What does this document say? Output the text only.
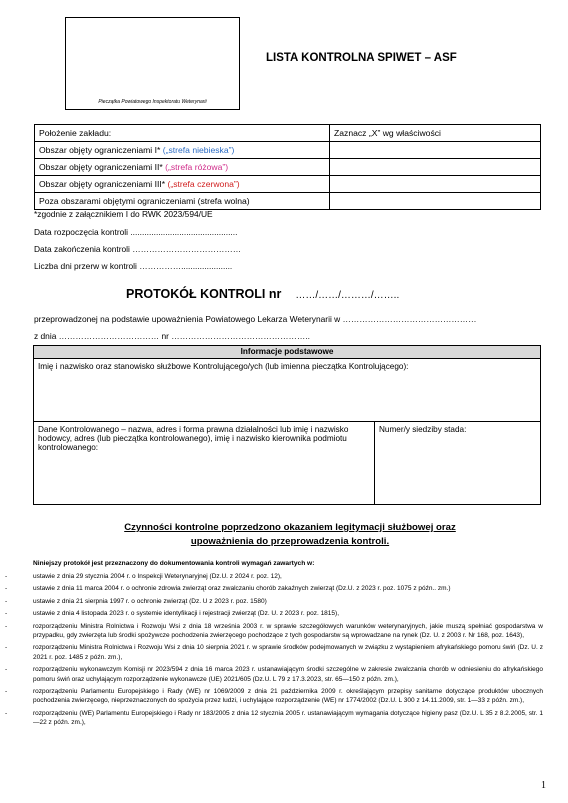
Pieczątka Powiatowego Inspektoratu Weterynarii
LISTA KONTROLNA SPIWET – ASF
Położenie zakładu:	Zaznacz „X” wg właściwości
Obszar objęty ograniczeniami I* („strefa niebieska”)	
Obszar objęty ograniczeniami II* („strefa różowa”)	
Obszar objęty ograniczeniami III* („strefa czerwona”)	
Poza obszarami objętymi ograniczeniami (strefa wolna)	
*zgodnie z załącznikiem I do RWK 2023/594/UE
Data rozpoczęcia kontroli ..............................................
Data zakończenia kontroli …………………………………
Liczba dni przerw w kontroli ……………......................
PROTOKÓŁ KONTROLI nr ……/……/………/……..
przeprowadzonej na podstawie upoważnienia Powiatowego Lekarza Weterynarii w …………………………………………
z dnia ……………………………… nr …………………………………………..
Informacje podstawowe
Imię i nazwisko oraz stanowisko służbowe Kontrolującego/ych (lub imienna pieczątka Kontrolującego):
Dane Kontrolowanego – nazwa, adres i forma prawna działalności lub imię i nazwisko hodowcy, adres (lub pieczątka kontrolowanego), imię i nazwisko kierownika podmiotu kontrolowanego:	Numer/y siedziby stada:
Czynności kontrolne poprzedzono okazaniem legitymacji służbowej oraz upoważnienia do przeprowadzenia kontroli.
Niniejszy protokół jest przeznaczony do dokumentowania kontroli wymagań zawartych w:
- ustawie z dnia 29 stycznia 2004 r. o Inspekcji Weterynaryjnej (Dz.U. z 2024 r. poz. 12),
- ustawie z dnia 11 marca 2004 r. o ochronie zdrowia zwierząt oraz zwalczaniu chorób zakaźnych zwierząt (Dz.U. z 2023 r. poz. 1075 z późn.. zm.)
- ustawie z dnia 21 sierpnia 1997 r. o ochronie zwierząt (Dz. U z 2023 r. poz. 1580)
- ustawie z dnia 4 listopada 2023 r. o systemie identyfikacji i rejestracji zwierząt (Dz. U. z 2023 r. poz. 1815),
- rozporządzeniu Ministra Rolnictwa i Rozwoju Wsi z dnia 18 września 2003 r. w sprawie szczegółowych warunków weterynaryjnych, jakie muszą spełniać gospodarstwa w przypadku, gdy zwierzęta lub środki spożywcze pochodzenia zwierzęcego pochodzące z tych gospodarstw są wprowadzane na rynek (Dz. U. z 2003 r. Nr 168, poz. 1643),
- rozporządzeniu Ministra Rolnictwa i Rozwoju Wsi z dnia 10 sierpnia 2021 r. w sprawie środków podejmowanych w związku z wystąpieniem afrykańskiego pomoru świń (Dz. U. z 2021 r. poz. 1485 z późn. zm.),
- rozporządzeniu wykonawczym Komisji nr 2023/594 z dnia 16 marca 2023 r. ustanawiającym środki szczególne w zakresie zwalczania chorób w odniesieniu do afrykańskiego pomoru świń oraz uchylającym rozporządzenie wykonawcze (UE) 2021/605 (Dz.U. L 79 z 17.3.2023, str. 65—150 z późn. zm.),
- rozporządzeniu Parlamentu Europejskiego i Rady (WE) nr 1069/2009 z dnia 21 października 2009 r. określającym przepisy sanitarne dotyczące produktów ubocznych pochodzenia zwierzęcego, nieprzeznaczonych do spożycia przez ludzi, i uchylające rozporządzenie (WE) nr 1774/2002 (Dz.U. L 300 z 14.11.2009, str. 1—33 z późn. zm.),
- rozporządzeniu (WE) Parlamentu Europejskiego i Rady nr 183/2005 z dnia 12 stycznia 2005 r. ustanawiającym wymagania dotyczące higieny pasz (Dz.U. L 35 z 8.2.2005, str. 1—22 z późn. zm.),
1
